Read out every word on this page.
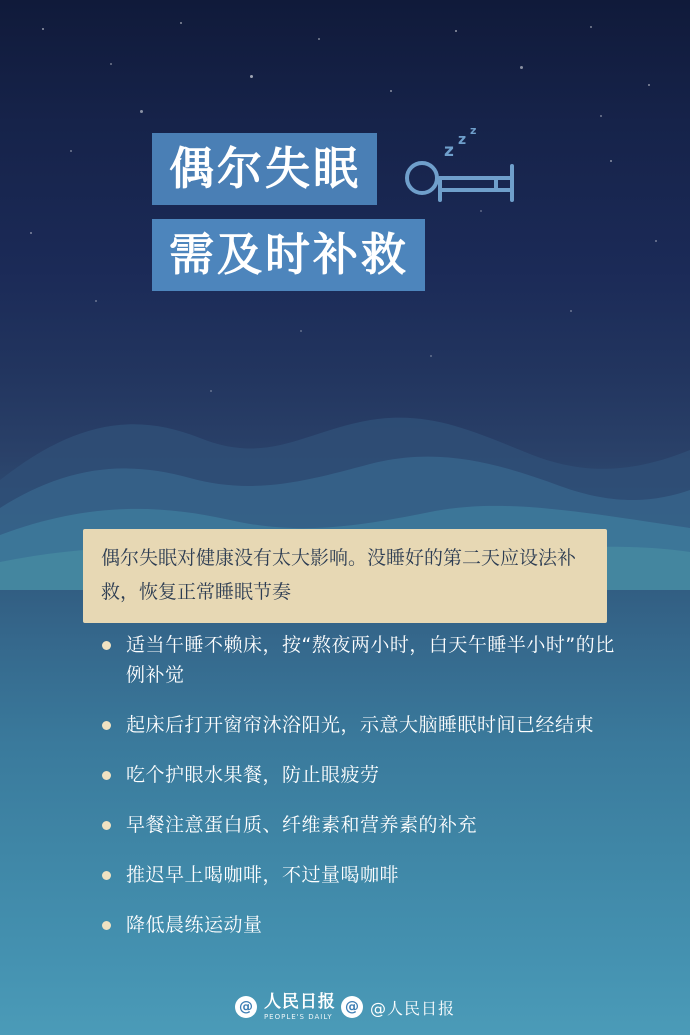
z
z
z
偶尔失眠 需及时补救
偶尔失眠对健康没有太大影响。没睡好的第二天应设法补救，恢复正常睡眠节奏
适当午睡不赖床，按“熬夜两小时，白天午睡半小时”的比例补觉
起床后打开窗帘沐浴阳光，示意大脑睡眠时间已经结束
吃个护眼水果餐，防止眼疲劳
早餐注意蛋白质、纤维素和营养素的补充
推迟早上喝咖啡，不过量喝咖啡
降低晨练运动量
@ 人民日报
PEOPLE'S DAILY

@ @人民日报
